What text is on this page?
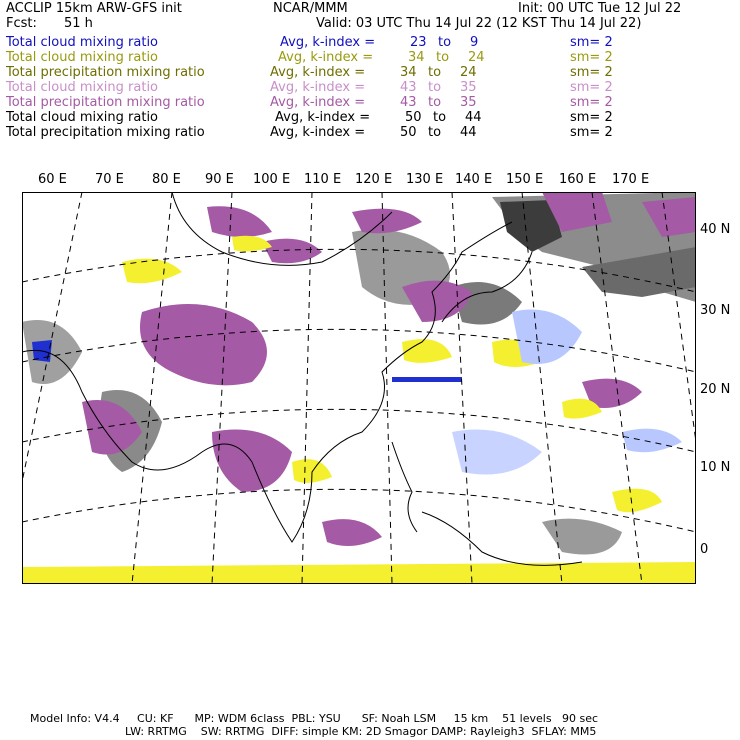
ACCLIP 15km ARW-GFS init	NCAR/MMM	Init: 00 UTC Tue 12 Jul 22
Fcst: 51 h	Valid: 03 UTC Thu 14 Jul 22 (12 KST Thu 14 Jul 22)
Total cloud mixing ratio	Avg, k-index =	23 to 9	sm= 2
Total cloud mixing ratio	Avg, k-index =	34 to 24	sm= 2
Total precipitation mixing ratio	Avg, k-index =	34 to 24	sm= 2
Total cloud mixing ratio	Avg, k-index =	43 to 35	sm= 2
Total precipitation mixing ratio	Avg, k-index =	43 to 35	sm= 2
Total cloud mixing ratio	Avg, k-index =	50 to 44	sm= 2
Total precipitation mixing ratio	Avg, k-index =	50 to 44	sm= 2
60 E 70 E 80 E 90 E 100 E 110 E 120 E 130 E 140 E 150 E 160 E 170 E
40 N
30 N
20 N
10 N
0
Model Info: V4.4     CU: KF      MP: WDM 6class  PBL: YSU      SF: Noah LSM     15 km    51 levels   90 sec
LW: RRTMG    SW: RRTMG  DIFF: simple KM: 2D Smagor DAMP: Rayleigh3  SFLAY: MM5
